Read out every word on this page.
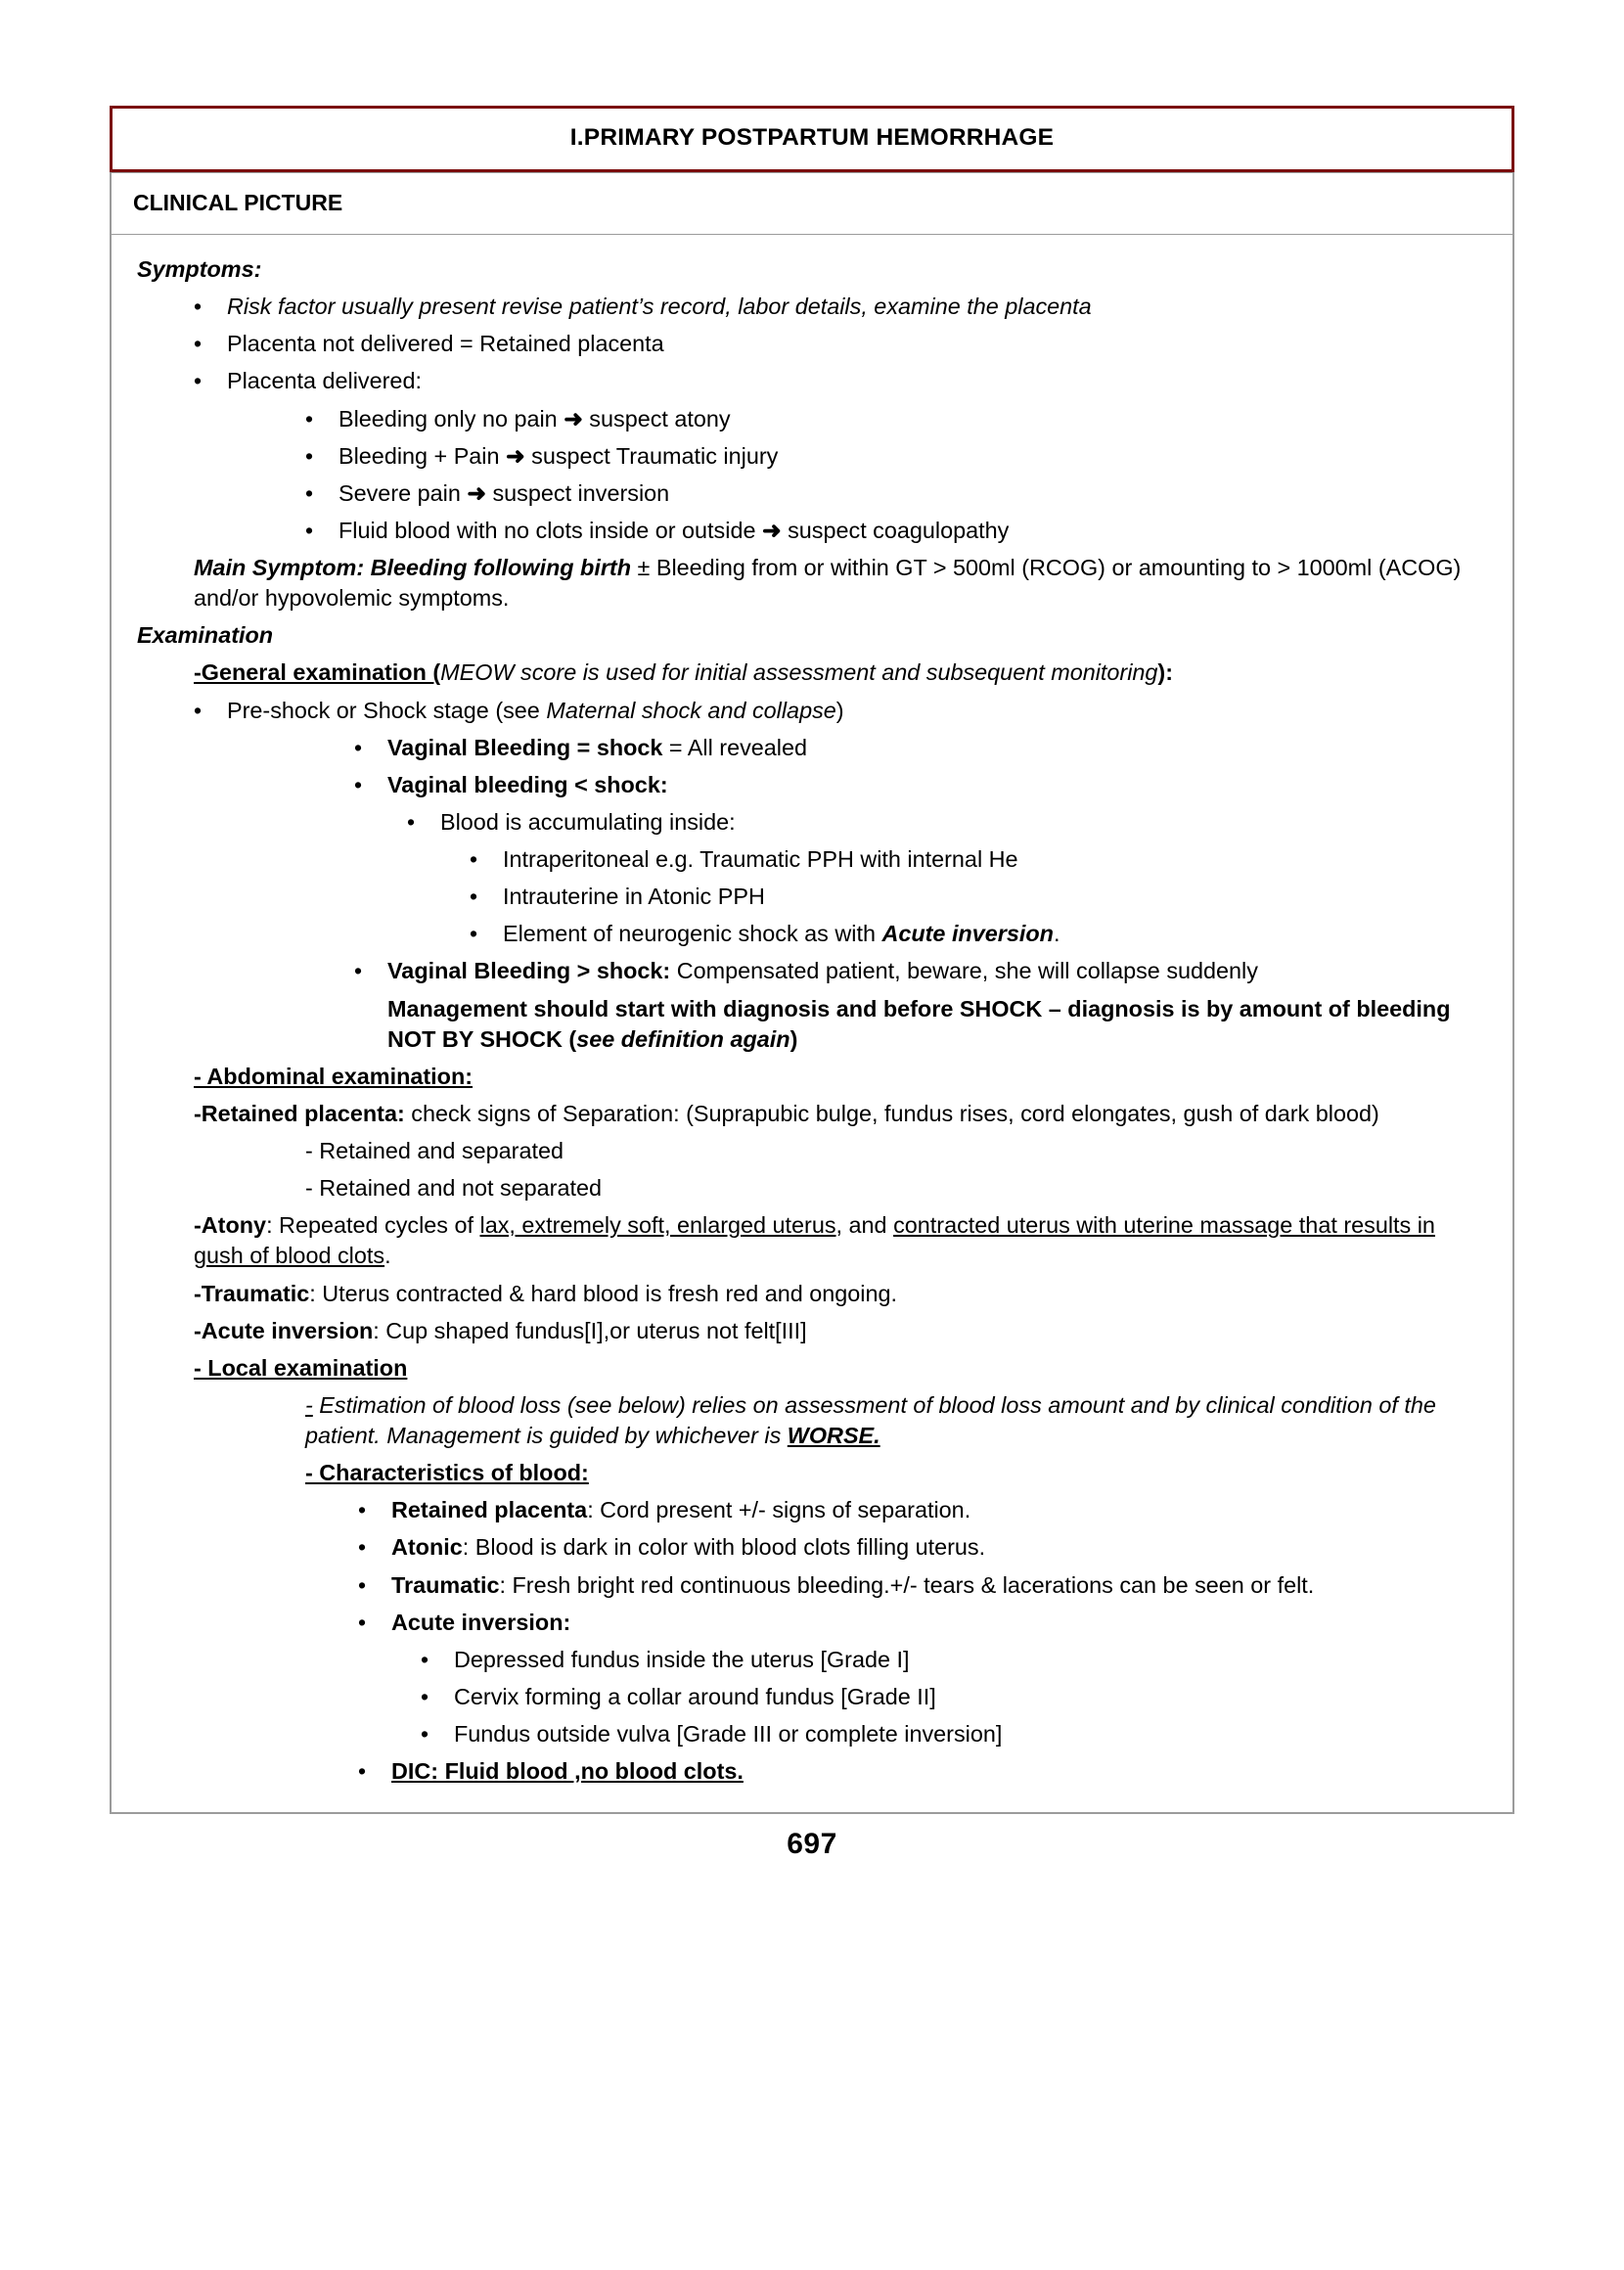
I.PRIMARY POSTPARTUM HEMORRHAGE
CLINICAL PICTURE
Symptoms:
•
Risk factor usually present revise patient’s record, labor details, examine the placenta
•
Placenta not delivered = Retained placenta
•
Placenta delivered:
•
Bleeding only no pain ➜ suspect atony
•
Bleeding + Pain ➜ suspect Traumatic injury
•
Severe pain ➜ suspect inversion
•
Fluid blood with no clots inside or outside ➜ suspect coagulopathy
Main Symptom: Bleeding following birth ± Bleeding from or within GT > 500ml (RCOG) or amounting to > 1000ml (ACOG) and/or hypovolemic symptoms.
Examination
-General examination (MEOW score is used for initial assessment and subsequent monitoring):
•
Pre-shock or Shock stage (see Maternal shock and collapse)
•
Vaginal Bleeding = shock = All revealed
•
Vaginal bleeding < shock:
•
Blood is accumulating inside:
•
Intraperitoneal e.g. Traumatic PPH with internal He
•
Intrauterine in Atonic PPH
•
Element of neurogenic shock as with Acute inversion.
•
Vaginal Bleeding > shock: Compensated patient, beware, she will collapse suddenly
Management should start with diagnosis and before SHOCK – diagnosis is by amount of bleeding NOT BY SHOCK (see definition again)
- Abdominal examination:
-Retained placenta: check signs of Separation: (Suprapubic bulge, fundus rises, cord elongates, gush of dark blood)
- Retained and separated
- Retained and not separated
-Atony: Repeated cycles of lax, extremely soft, enlarged uterus, and contracted uterus with uterine massage that results in gush of blood clots.
-Traumatic: Uterus contracted & hard blood is fresh red and ongoing.
-Acute inversion: Cup shaped fundus[I],or uterus not felt[III]
- Local examination
- Estimation of blood loss (see below) relies on assessment of blood loss amount and by clinical condition of the patient. Management is guided by whichever is WORSE.
- Characteristics of blood:
•
Retained placenta: Cord present +/- signs of separation.
•
Atonic: Blood is dark in color with blood clots filling uterus.
•
Traumatic: Fresh bright red continuous bleeding.+/- tears & lacerations can be seen or felt.
•
Acute inversion:
•
Depressed fundus inside the uterus [Grade I]
•
Cervix forming a collar around fundus [Grade II]
•
Fundus outside vulva [Grade III or complete inversion]
•
DIC: Fluid blood ,no blood clots.
697
